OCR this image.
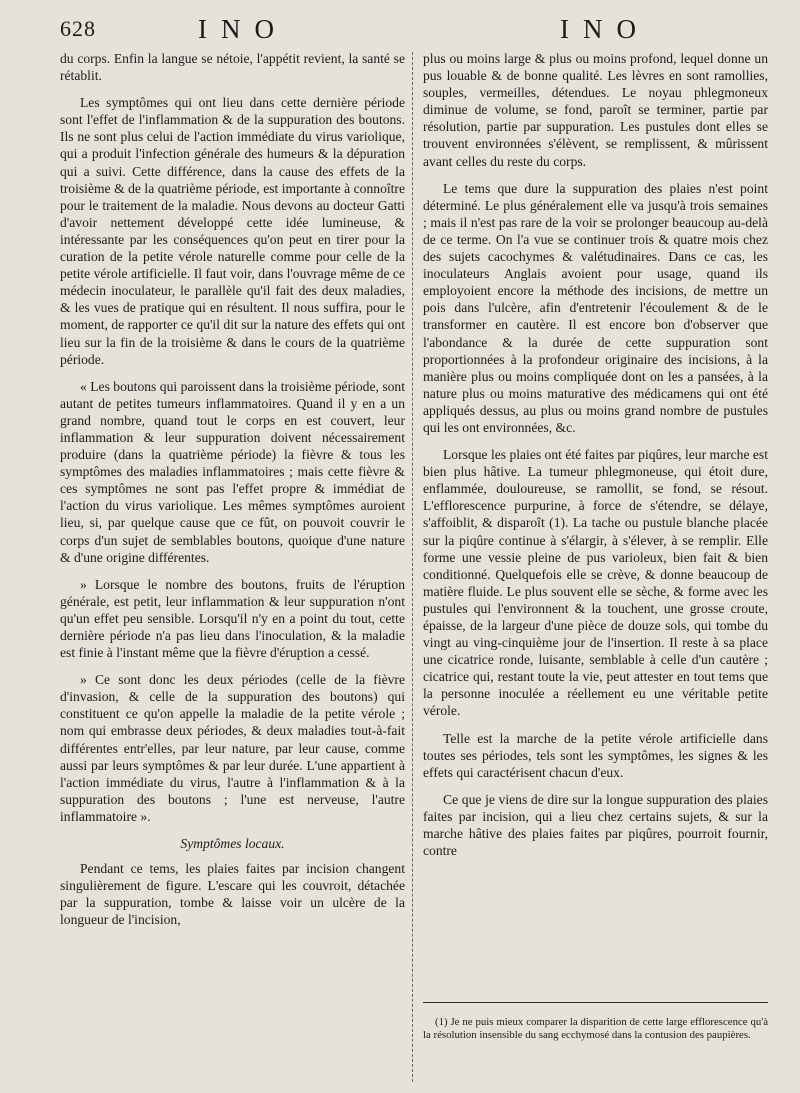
628	INO	INO

du corps. Enfin la langue se nétoie, l'appétit revient, la santé se rétablit.

Les symptômes qui ont lieu dans cette dernière période sont l'effet de l'inflammation & de la suppuration des boutons. Ils ne sont plus celui de l'action immédiate du virus variolique, qui a produit l'infection générale des humeurs & la dépuration qui a suivi. Cette différence, dans la cause des effets de la troisième & de la quatrième période, est importante à connoître pour le traitement de la maladie. Nous devons au docteur Gatti d'avoir nettement développé cette idée lumineuse, & intéressante par les conséquences qu'on peut en tirer pour la curation de la petite vérole naturelle comme pour celle de la petite vérole artificielle. Il faut voir, dans l'ouvrage même de ce médecin inoculateur, le parallèle qu'il fait des deux maladies, & les vues de pratique qui en résultent. Il nous suffira, pour le moment, de rapporter ce qu'il dit sur la nature des effets qui ont lieu sur la fin de la troisième & dans le cours de la quatrième période.

« Les boutons qui paroissent dans la troisième période, sont autant de petites tumeurs inflammatoires. Quand il y en a un grand nombre, quand tout le corps en est couvert, leur inflammation & leur suppuration doivent nécessairement produire (dans la quatrième période) la fièvre & tous les symptômes des maladies inflammatoires ; mais cette fièvre & ces symptômes ne sont pas l'effet propre & immédiat de l'action du virus variolique. Les mêmes symptômes auroient lieu, si, par quelque cause que ce fût, on pouvoit couvrir le corps d'un sujet de semblables boutons, quoique d'une nature & d'une origine différentes.

» Lorsque le nombre des boutons, fruits de l'éruption générale, est petit, leur inflammation & leur suppuration n'ont qu'un effet peu sensible. Lorsqu'il n'y en a point du tout, cette dernière période n'a pas lieu dans l'inoculation, & la maladie est finie à l'instant même que la fièvre d'éruption a cessé.

» Ce sont donc les deux périodes (celle de la fièvre d'invasion, & celle de la suppuration des boutons) qui constituent ce qu'on appelle la maladie de la petite vérole ; nom qui embrasse deux périodes, & deux maladies tout-à-fait différentes entr'elles, par leur nature, par leur cause, comme aussi par leurs symptômes & par leur durée. L'une appartient à l'action immédiate du virus, l'autre à l'inflammation & à la suppuration des boutons ; l'une est nerveuse, l'autre inflammatoire ».

Symptômes locaux.

Pendant ce tems, les plaies faites par incision changent singulièrement de figure. L'escare qui les couvroit, détachée par la suppuration, tombe & laisse voir un ulcère de la longueur de l'incision,

plus ou moins large & plus ou moins profond, lequel donne un pus louable & de bonne qualité. Les lèvres en sont ramollies, souples, vermeilles, détendues. Le noyau phlegmoneux diminue de volume, se fond, paroît se terminer, partie par résolution, partie par suppuration. Les pustules dont elles se trouvent environnées s'élèvent, se remplissent, & mûrissent avant celles du reste du corps.

Le tems que dure la suppuration des plaies n'est point déterminé. Le plus généralement elle va jusqu'à trois semaines ; mais il n'est pas rare de la voir se prolonger beaucoup au-delà de ce terme. On l'a vue se continuer trois & quatre mois chez des sujets cacochymes & valétudinaires. Dans ce cas, les inoculateurs Anglais avoient pour usage, quand ils employoient encore la méthode des incisions, de mettre un pois dans l'ulcère, afin d'entretenir l'écoulement & de le transformer en cautère. Il est encore bon d'observer que l'abondance & la durée de cette suppuration sont proportionnées à la profondeur originaire des incisions, à la manière plus ou moins compliquée dont on les a pansées, à la nature plus ou moins maturative des médicamens qui ont été appliqués dessus, au plus ou moins grand nombre de pustules qui les ont environnées, &c.

Lorsque les plaies ont été faites par piqûres, leur marche est bien plus hâtive. La tumeur phlegmoneuse, qui étoit dure, enflammée, douloureuse, se ramollit, se fond, se résout. L'efflorescence purpurine, à force de s'étendre, se délaye, s'affoiblit, & disparoît (1). La tache ou pustule blanche placée sur la piqûre continue à s'élargir, à s'élever, à se remplir. Elle forme une vessie pleine de pus varioleux, bien fait & bien conditionné. Quelquefois elle se crève, & donne beaucoup de matière fluide. Le plus souvent elle se sèche, & forme avec les pustules qui l'environnent & la touchent, une grosse croute, épaisse, de la largeur d'une pièce de douze sols, qui tombe du vingt au ving-cinquième jour de l'insertion. Il reste à sa place une cicatrice ronde, luisante, semblable à celle d'un cautère ; cicatrice qui, restant toute la vie, peut attester en tout tems que la personne inoculée a réellement eu une véritable petite vérole.

Telle est la marche de la petite vérole artificielle dans toutes ses périodes, tels sont les symptômes, les signes & les effets qui caractérisent chacun d'eux.

Ce que je viens de dire sur la longue suppuration des plaies faites par incision, qui a lieu chez certains sujets, & sur la marche hâtive des plaies faites par piqûres, pourroit fournir, contre

(1) Je ne puis mieux comparer la disparition de cette large efflorescence qu'à la résolution insensible du sang ecchymosé dans la contusion des paupières.
